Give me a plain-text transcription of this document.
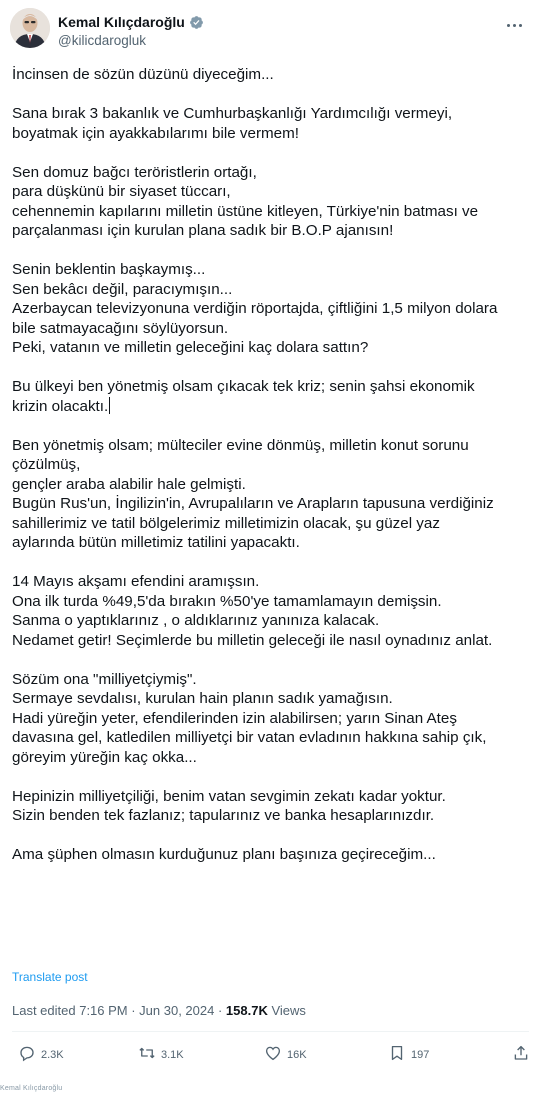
Kemal Kılıçdaroğlu
@kilicdarogluk
İncinsen de sözün düzünü diyeceğim...
Sana bırak 3 bakanlık ve Cumhurbaşkanlığı Yardımcılığı vermeyi,
boyatmak için ayakkabılarımı bile vermem!
Sen domuz bağcı teröristlerin ortağı,
para düşkünü bir siyaset tüccarı,
cehennemin kapılarını milletin üstüne kitleyen, Türkiye'nin batması ve
parçalanması için kurulan plana sadık bir B.O.P ajanısın!
Senin beklentin başkaymış...
Sen bekâcı değil, paracıymışın...
Azerbaycan televizyonuna verdiğin röportajda, çiftliğini 1,5 milyon dolara
bile satmayacağını söylüyorsun.
Peki, vatanın ve milletin geleceğini kaç dolara sattın?
Bu ülkeyi ben yönetmiş olsam çıkacak tek kriz; senin şahsi ekonomik
krizin olacaktı.
Ben yönetmiş olsam; mülteciler evine dönmüş, milletin konut sorunu
çözülmüş,
gençler araba alabilir hale gelmişti.
Bugün Rus'un, İngilizin'in, Avrupalıların ve Arapların tapusuna verdiğiniz
sahillerimiz ve tatil bölgelerimiz milletimizin olacak, şu güzel yaz
aylarında bütün milletimiz tatilini yapacaktı.
14 Mayıs akşamı efendini aramışsın.
Ona ilk turda %49,5'da bırakın %50'ye tamamlamayın demişsin.
Sanma o yaptıklarınız , o aldıklarınız yanınıza kalacak.
Nedamet getir! Seçimlerde bu milletin geleceği ile nasıl oynadınız anlat.
Sözüm ona "milliyetçiymiş".
Sermaye sevdalısı, kurulan hain planın sadık yamağısın.
Hadi yüreğin yeter, efendilerinden izin alabilirsen; yarın Sinan Ateş
davasına gel, katledilen milliyetçi bir vatan evladının hakkına sahip çık,
göreyim yüreğin kaç okka...
Hepinizin milliyetçiliği, benim vatan sevgimin zekatı kadar yoktur.
Sizin benden tek fazlanız; tapularınız ve banka hesaplarınızdır.
Ama şüphen olmasın kurduğunuz planı başınıza geçireceğim...
Translate post
Last edited 7:16 PM · Jun 30, 2024 · 158.7K Views
2.3K	3.1K	16K	197
Kemal Kılıçdaroğlu
